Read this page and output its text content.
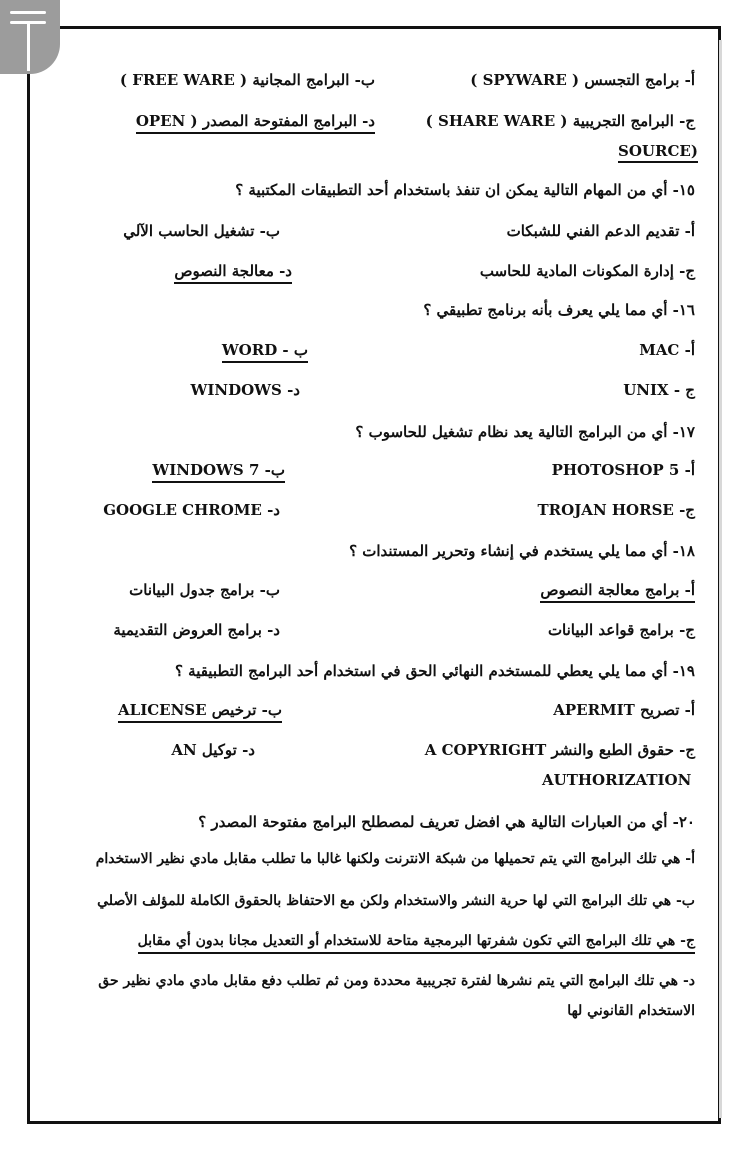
أ- برامج التجسس ( SPYWARE )
ب- البرامج المجانية ( FREE WARE )
ج- البرامج التجريبية ( SHARE WARE )
د- البرامج المفتوحة المصدر ( OPEN
SOURCE)
١٥- أي من المهام التالية يمكن ان تنفذ باستخدام أحد التطبيقات المكتبية ؟
أ- تقديم الدعم الفني للشبكات
ب- تشغيل الحاسب الآلي
ج- إدارة المكونات المادية للحاسب
د- معالجة النصوص
١٦- أي مما يلي يعرف بأنه برنامج تطبيقي ؟
أ- MAC
ب - WORD
ج - UNIX
د- WINDOWS
١٧- أي من البرامج التالية يعد نظام تشغيل للحاسوب ؟
أ- PHOTOSHOP 5
ب- WINDOWS 7
ج- TROJAN HORSE
د- GOOGLE CHROME
١٨- أي مما يلي يستخدم في إنشاء وتحرير المستندات ؟
أ- برامج معالجة النصوص
ب- برامج جدول البيانات
ج- برامج قواعد البيانات
د- برامج العروض التقديمية
١٩- أي مما يلي يعطي للمستخدم النهائي الحق في استخدام أحد البرامج التطبيقية ؟
أ- تصريح APERMIT
ب- ترخيص ALICENSE
ج- حقوق الطبع والنشر A COPYRIGHT
AUTHORIZATION
د- توكيل AN
٢٠- أي من العبارات التالية هي افضل تعريف لمصطلح البرامج مفتوحة المصدر ؟
أ- هي تلك البرامج التي يتم تحميلها من شبكة الانترنت ولكنها غالبا ما تطلب مقابل مادي نظير الاستخدام
ب- هي تلك البرامج التي لها حرية النشر والاستخدام ولكن مع الاحتفاظ بالحقوق الكاملة للمؤلف الأصلي
ج- هي تلك البرامج التي تكون شفرتها البرمجية متاحة للاستخدام أو التعديل مجانا بدون أي مقابل
د- هي تلك البرامج التي يتم نشرها لفترة تجريبية محددة ومن ثم تطلب دفع مقابل مادي مادي نظير حق
الاستخدام القانوني لها
